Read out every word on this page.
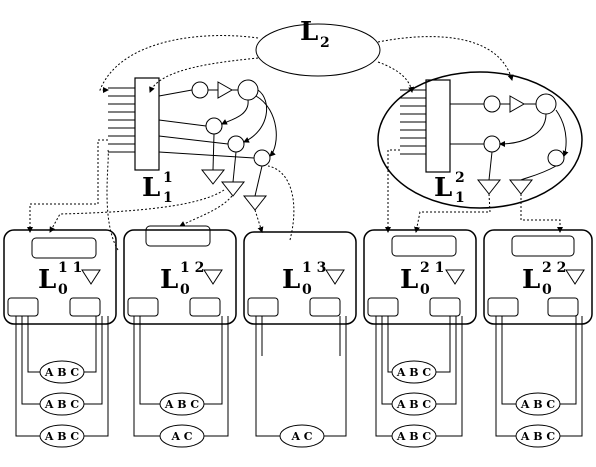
L 2
L 1
1	L 2
1
L 1 1
0	L 1 2
0	L 1 3
0	L 2 1
0	L 2 2
0
A B C
A B C
A B C
A B C
A C	A C
A B C
A B C
A B C
A B C
A B C
